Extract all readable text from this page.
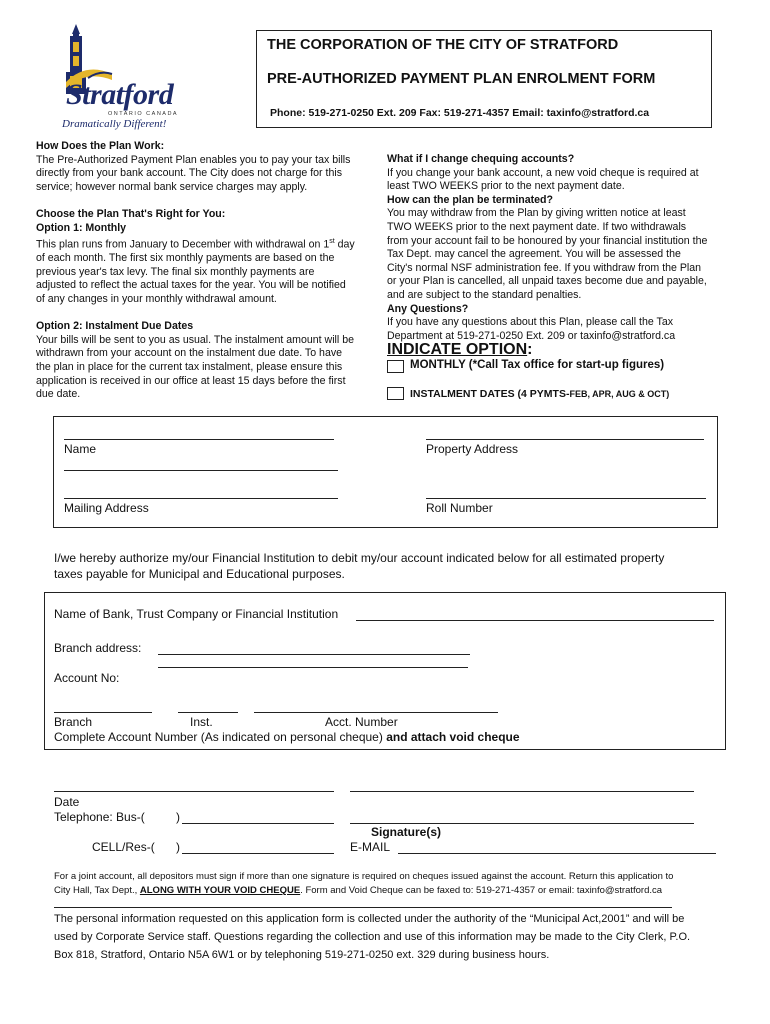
Stratford
ONTARIO CANADA
Dramatically Different!
THE CORPORATION OF THE CITY OF STRATFORD
PRE-AUTHORIZED PAYMENT PLAN ENROLMENT FORM
Phone: 519-271-0250 Ext. 209 Fax: 519-271-4357 Email: taxinfo@stratford.ca

How Does the Plan Work:

The Pre-Authorized Payment Plan enables you to pay your tax bills

directly from your bank account. The City does not charge for this

service; however normal bank service charges may apply.

Choose the Plan That's Right for You:

Option 1: Monthly

This plan runs from January to December with withdrawal on 1st day

of each month. The first six monthly payments are based on the

previous year's tax levy. The final six monthly payments are

adjusted to reflect the actual taxes for the year. You will be notified

of any changes in your monthly withdrawal amount.

Option 2: Instalment Due Dates

Your bills will be sent to you as usual. The instalment amount will be

withdrawn from your account on the instalment due date. To have

the plan in place for the current tax instalment, please ensure this

application is received in our office at least 15 days before the first

due date.

What if I change chequing accounts?

If you change your bank account, a new void cheque is required at

least TWO WEEKS prior to the next payment date.

How can the plan be terminated?

You may withdraw from the Plan by giving written notice at least

TWO WEEKS prior to the next payment date. If two withdrawals

from your account fail to be honoured by your financial institution the

Tax Dept. may cancel the agreement. You will be assessed the

City's normal NSF administration fee. If you withdraw from the Plan

or your Plan is cancelled, all unpaid taxes become due and payable,

and are subject to the standard penalties.

Any Questions?

If you have any questions about this Plan, please call the Tax

Department at 519-271-0250 Ext. 209 or taxinfo@stratford.ca

INDICATE OPTION:
MONTHLY (*Call Tax office for start-up figures)
INSTALMENT DATES (4 PYMTS-FEB, APR, AUG & OCT)
Name	Property Address
Mailing Address	Roll Number
I/we hereby authorize my/our Financial Institution to debit my/our account indicated below for all estimated property
taxes payable for Municipal and Educational purposes.
Name of Bank, Trust Company or Financial Institution
Branch address:
Account No:
Branch	Inst.	Acct. Number
Complete Account Number (As indicated on personal cheque) and attach void cheque
Date
Telephone: Bus-(	)
Signature(s)
CELL/Res-( )	E-MAIL
For a joint account, all depositors must sign if more than one signature is required on cheques issued against the account. Return this application to
City Hall, Tax Dept., ALONG WITH YOUR VOID CHEQUE. Form and Void Cheque can be faxed to: 519-271-4357 or email: taxinfo@stratford.ca
The personal information requested on this application form is collected under the authority of the “Municipal Act,2001” and will be
used by Corporate Service staff. Questions regarding the collection and use of this information may be made to the City Clerk, P.O.
Box 818, Stratford, Ontario N5A 6W1 or by telephoning 519-271-0250 ext. 329 during business hours.
